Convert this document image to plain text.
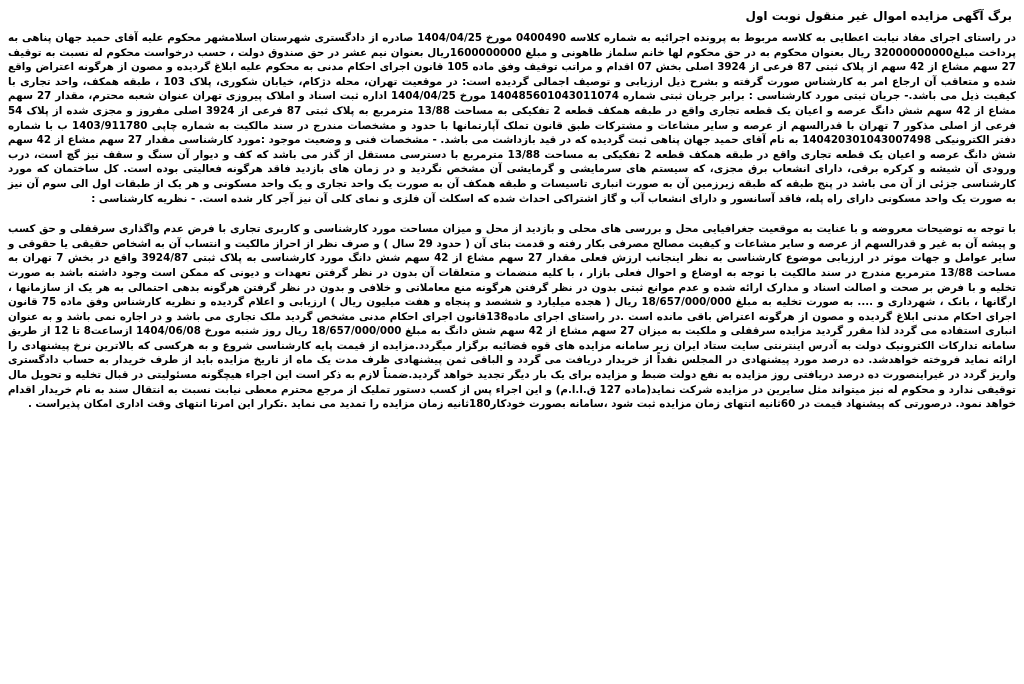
برگ آگهی مزایده اموال غیر منقول نوبت اول

در راستای اجرای مفاد نیابت اعطایی به کلاسه مربوط به پرونده اجرائیه به شماره کلاسه 0400490 مورخ 1404/04/25 صادره از دادگستری شهرستان اسلامشهر محکوم علیه آقای حمید جهان پناهی به پرداخت مبلغ32000000000 ریال بعنوان محکوم به در حق محکوم لها خانم سلماز طاهونی و مبلغ 1600000000ریال بعنوان نیم عشر در حق صندوق دولت ، حسب درخواست محکوم له نسبت به توقیف 27 سهم مشاع از 42 سهم از پلاک ثبتی 87 فرعی از 3924 اصلی بخش 07 اقدام و مراتب توقیف وفق ماده 105 قانون اجرای احکام مدنی به محکوم علیه ابلاغ گردیده و مصون از هرگونه اعتراض واقع شده و متعاقب آن ارجاع امر به کارشناس صورت گرفته و بشرح ذیل ارزیابی و توصیف اجمالی گردیده است: در موقعیت تهران، محله دژکام، خیابان شکوری، پلاک 103 ، طبقه همکف، واحد تجاری با کیفیت ذیل می باشد.- جریان ثبتی مورد کارشناسی : برابر جریان ثبتی شماره 140485601043011074 مورخ 1404/04/25 اداره ثبت اسناد و املاک پیروزی تهران عنوان شعبه محترم، مقدار 27 سهم مشاع از 42 سهم شش دانگ عرصه و اعیان یک قطعه تجاری واقع در طبقه همکف قطعه 2 تفکیکی به مساحت 13/88 مترمربع به پلاک ثبتی 87 فرعی از 3924 اصلی مفروز و مجزی شده از پلاک 54 فرعی از اصلی مذکور 7 تهران با قدرالسهم از عرصه و سایر مشاعات و مشترکات طبق قانون تملک آپارتمانها با حدود و مشخصات مندرج در سند مالکیت به شماره چاپی 1403/911780 ب با شماره دفتر الکترونیکی 140420301043007498 به نام آقای حمید جهان پناهی ثبت گردیده که در قید بازداشت می باشد. - مشخصات فنی و وضعیت موجود :مورد کارشناسی مقدار 27 سهم مشاع از 42 سهم شش دانگ عرصه و اعیان یک قطعه تجاری واقع در طبقه همکف قطعه 2 تفکیکی به مساحت 13/88 مترمربع با دسترسی مستقل از گذر می باشد که کف و دیوار آن سنگ و سقف نیز گچ است، درب ورودی آن شیشه و کرکره برقی، دارای انشعاب برق مجزی، که سیستم های سرمایشی و گرمایشی آن مشخص نگردید و در زمان های بازدید فاقد هرگونه فعالیتی بوده است. کل ساختمان که مورد کارشناسی جزئی از آن می باشد در پنج طبقه که طبقه زیرزمین آن به صورت انباری تاسیسات و طبقه همکف آن به صورت یک واحد تجاری و یک واحد مسکونی و هر یک از طبقات اول الی سوم آن نیز به صورت یک واحد مسکونی دارای راه پله، فاقد آسانسور و دارای انشعاب آب و گاز اشتراکی احداث شده که اسکلت آن فلزی و نمای کلی آن نیز آجر کار شده است. - نظریه کارشناسی :

با توجه به توضیحات معروضه و با عنایت به موقعیت جغرافیایی محل و بررسی های محلی و بازدید از محل و میزان مساحت مورد کارشناسی و کاربری تجاری با فرض عدم واگذاری سرقفلی و حق کسب و پیشه آن به غیر و قدرالسهم از عرصه و سایر مشاعات و کیفیت مصالح مصرفی بکار رفته و قدمت بنای آن ( حدود 29 سال ) و صرف نظر از احراز مالکیت و انتساب آن به اشخاص حقیقی یا حقوقی و سایر عوامل و جهات موثر در ارزیابی موضوع کارشناسی به نظر اینجانب ارزش فعلی مقدار 27 سهم مشاع از 42 سهم شش دانگ مورد کارشناسی به پلاک ثبتی 3924/87 واقع در بخش 7 تهران به مساحت 13/88 مترمربع مندرج در سند مالکیت با توجه به اوضاع و احوال فعلی بازار ، با کلیه منضمات و متعلقات آن بدون در نظر گرفتن تعهدات و دیونی که ممکن است وجود داشته باشد به صورت تخلیه و با فرض بر صحت و اصالت اسناد و مدارک ارائه شده و عدم موانع ثبتی بدون در نظر گرفتن هرگونه منع معاملاتی و خلافی و بدون در نظر گرفتن هرگونه بدهی احتمالی به هر یک از سازمانها ، ارگانها ، بانک ، شهرداری و .... به صورت تخلیه به مبلغ 18/657/000/000 ریال ( هجده میلیارد و ششصد و پنجاه و هفت میلیون ریال ) ارزیابی و اعلام گردیده و نظریه کارشناس وفق ماده 75 قانون اجرای احکام مدنی ابلاغ گردیده و مصون از هرگونه اعتراض باقی مانده است .در راستای اجرای ماده138قانون اجرای احکام مدنی مشخص گردید ملک تجاری می باشد و در اجاره نمی باشد و به عنوان انباری استفاده می گردد لذا مقرر گردید مزایده سرقفلی و ملکیت به میزان 27 سهم مشاع از 42 سهم شش دانگ به مبلغ 18/657/000/000 ریال روز شنبه مورخ 1404/06/08 ازساعت8 تا 12 از طریق سامانه تدارکات الکترونیک دولت به آدرس اینترنتی سایت ستاد ایران زیر سامانه مزایده های قوه قضائیه برگزار میگردد.مزایده از قیمت پایه کارشناسی شروع و به هرکسی که بالاترین نرخ پیشنهادی را ارائه نماید فروخته خواهدشد. ده درصد مورد پیشنهادی در المجلس نقداً از خریدار دریافت می گردد و الباقی ثمن پیشنهادی ظرف مدت یک ماه از تاریخ مزایده باید از طرف خریدار به حساب دادگستری واریز گردد در غیراینصورت ده درصد دریافتی روز مزایده به نفع دولت ضبط و مزایده برای یک بار دیگر تجدید خواهد گردید.ضمناً لازم به ذکر است این اجراء هیچگونه مسئولیتی در قبال تخلیه و تحویل مال توقیفی ندارد و محکوم له نیز میتواند مثل سایرین در مزایده شرکت نماید(ماده 127 ق.ا.ا.م) و این اجراء پس از کسب دستور تملیک از مرجع محترم معطی نیابت نسبت به انتقال سند به نام خریدار اقدام خواهد نمود. درصورتی که پیشنهاد قیمت در 60ثانیه انتهای زمان مزایده ثبت شود ،سامانه بصورت خودکار180ثانیه زمان مزایده را تمدید می نماید .تکرار این امرتا انتهای وقت اداری امکان پذیراست .
